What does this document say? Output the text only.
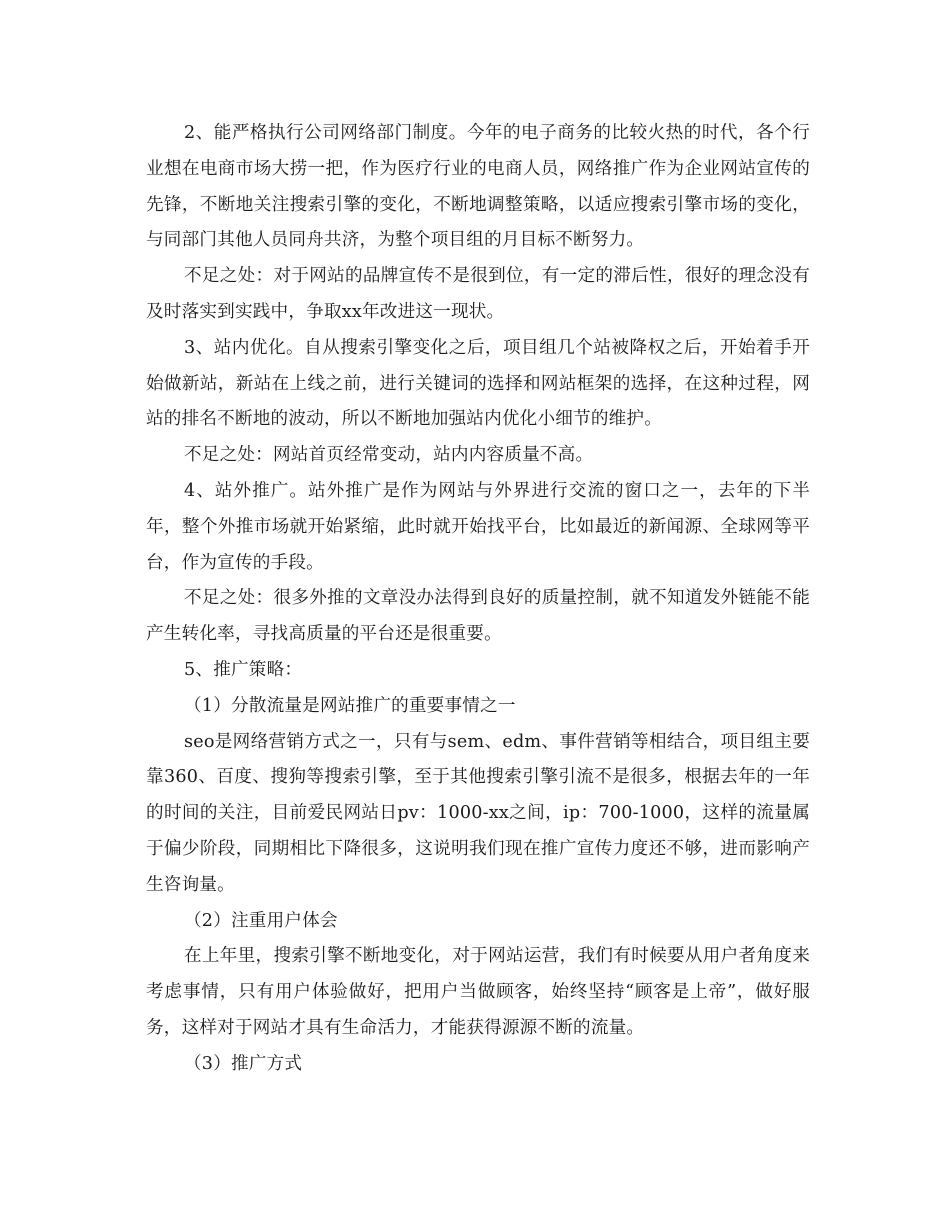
2、能严格执行公司网络部门制度。今年的电子商务的比较火热的时代，各个行业想在电商市场大捞一把，作为医疗行业的电商人员，网络推广作为企业网站宣传的先锋，不断地关注搜索引擎的变化，不断地调整策略，以适应搜索引擎市场的变化，与同部门其他人员同舟共济，为整个项目组的月目标不断努力。

不足之处：对于网站的品牌宣传不是很到位，有一定的滞后性，很好的理念没有及时落实到实践中，争取xx年改进这一现状。

3、站内优化。自从搜索引擎变化之后，项目组几个站被降权之后，开始着手开始做新站，新站在上线之前，进行关键词的选择和网站框架的选择，在这种过程，网站的排名不断地的波动，所以不断地加强站内优化小细节的维护。

不足之处：网站首页经常变动，站内内容质量不高。

4、站外推广。站外推广是作为网站与外界进行交流的窗口之一，去年的下半年，整个外推市场就开始紧缩，此时就开始找平台，比如最近的新闻源、全球网等平台，作为宣传的手段。

不足之处：很多外推的文章没办法得到良好的质量控制，就不知道发外链能不能产生转化率，寻找高质量的平台还是很重要。

5、推广策略：

（1）分散流量是网站推广的重要事情之一

seo是网络营销方式之一，只有与sem、edm、事件营销等相结合，项目组主要靠360、百度、搜狗等搜索引擎，至于其他搜索引擎引流不是很多，根据去年的一年的时间的关注，目前爱民网站日pv：1000-xx之间，ip：700-1000，这样的流量属于偏少阶段，同期相比下降很多，这说明我们现在推广宣传力度还不够，进而影响产生咨询量。

（2）注重用户体会

在上年里，搜索引擎不断地变化，对于网站运营，我们有时候要从用户者角度来考虑事情，只有用户体验做好，把用户当做顾客，始终坚持“顾客是上帝”，做好服务，这样对于网站才具有生命活力，才能获得源源不断的流量。

（3）推广方式
